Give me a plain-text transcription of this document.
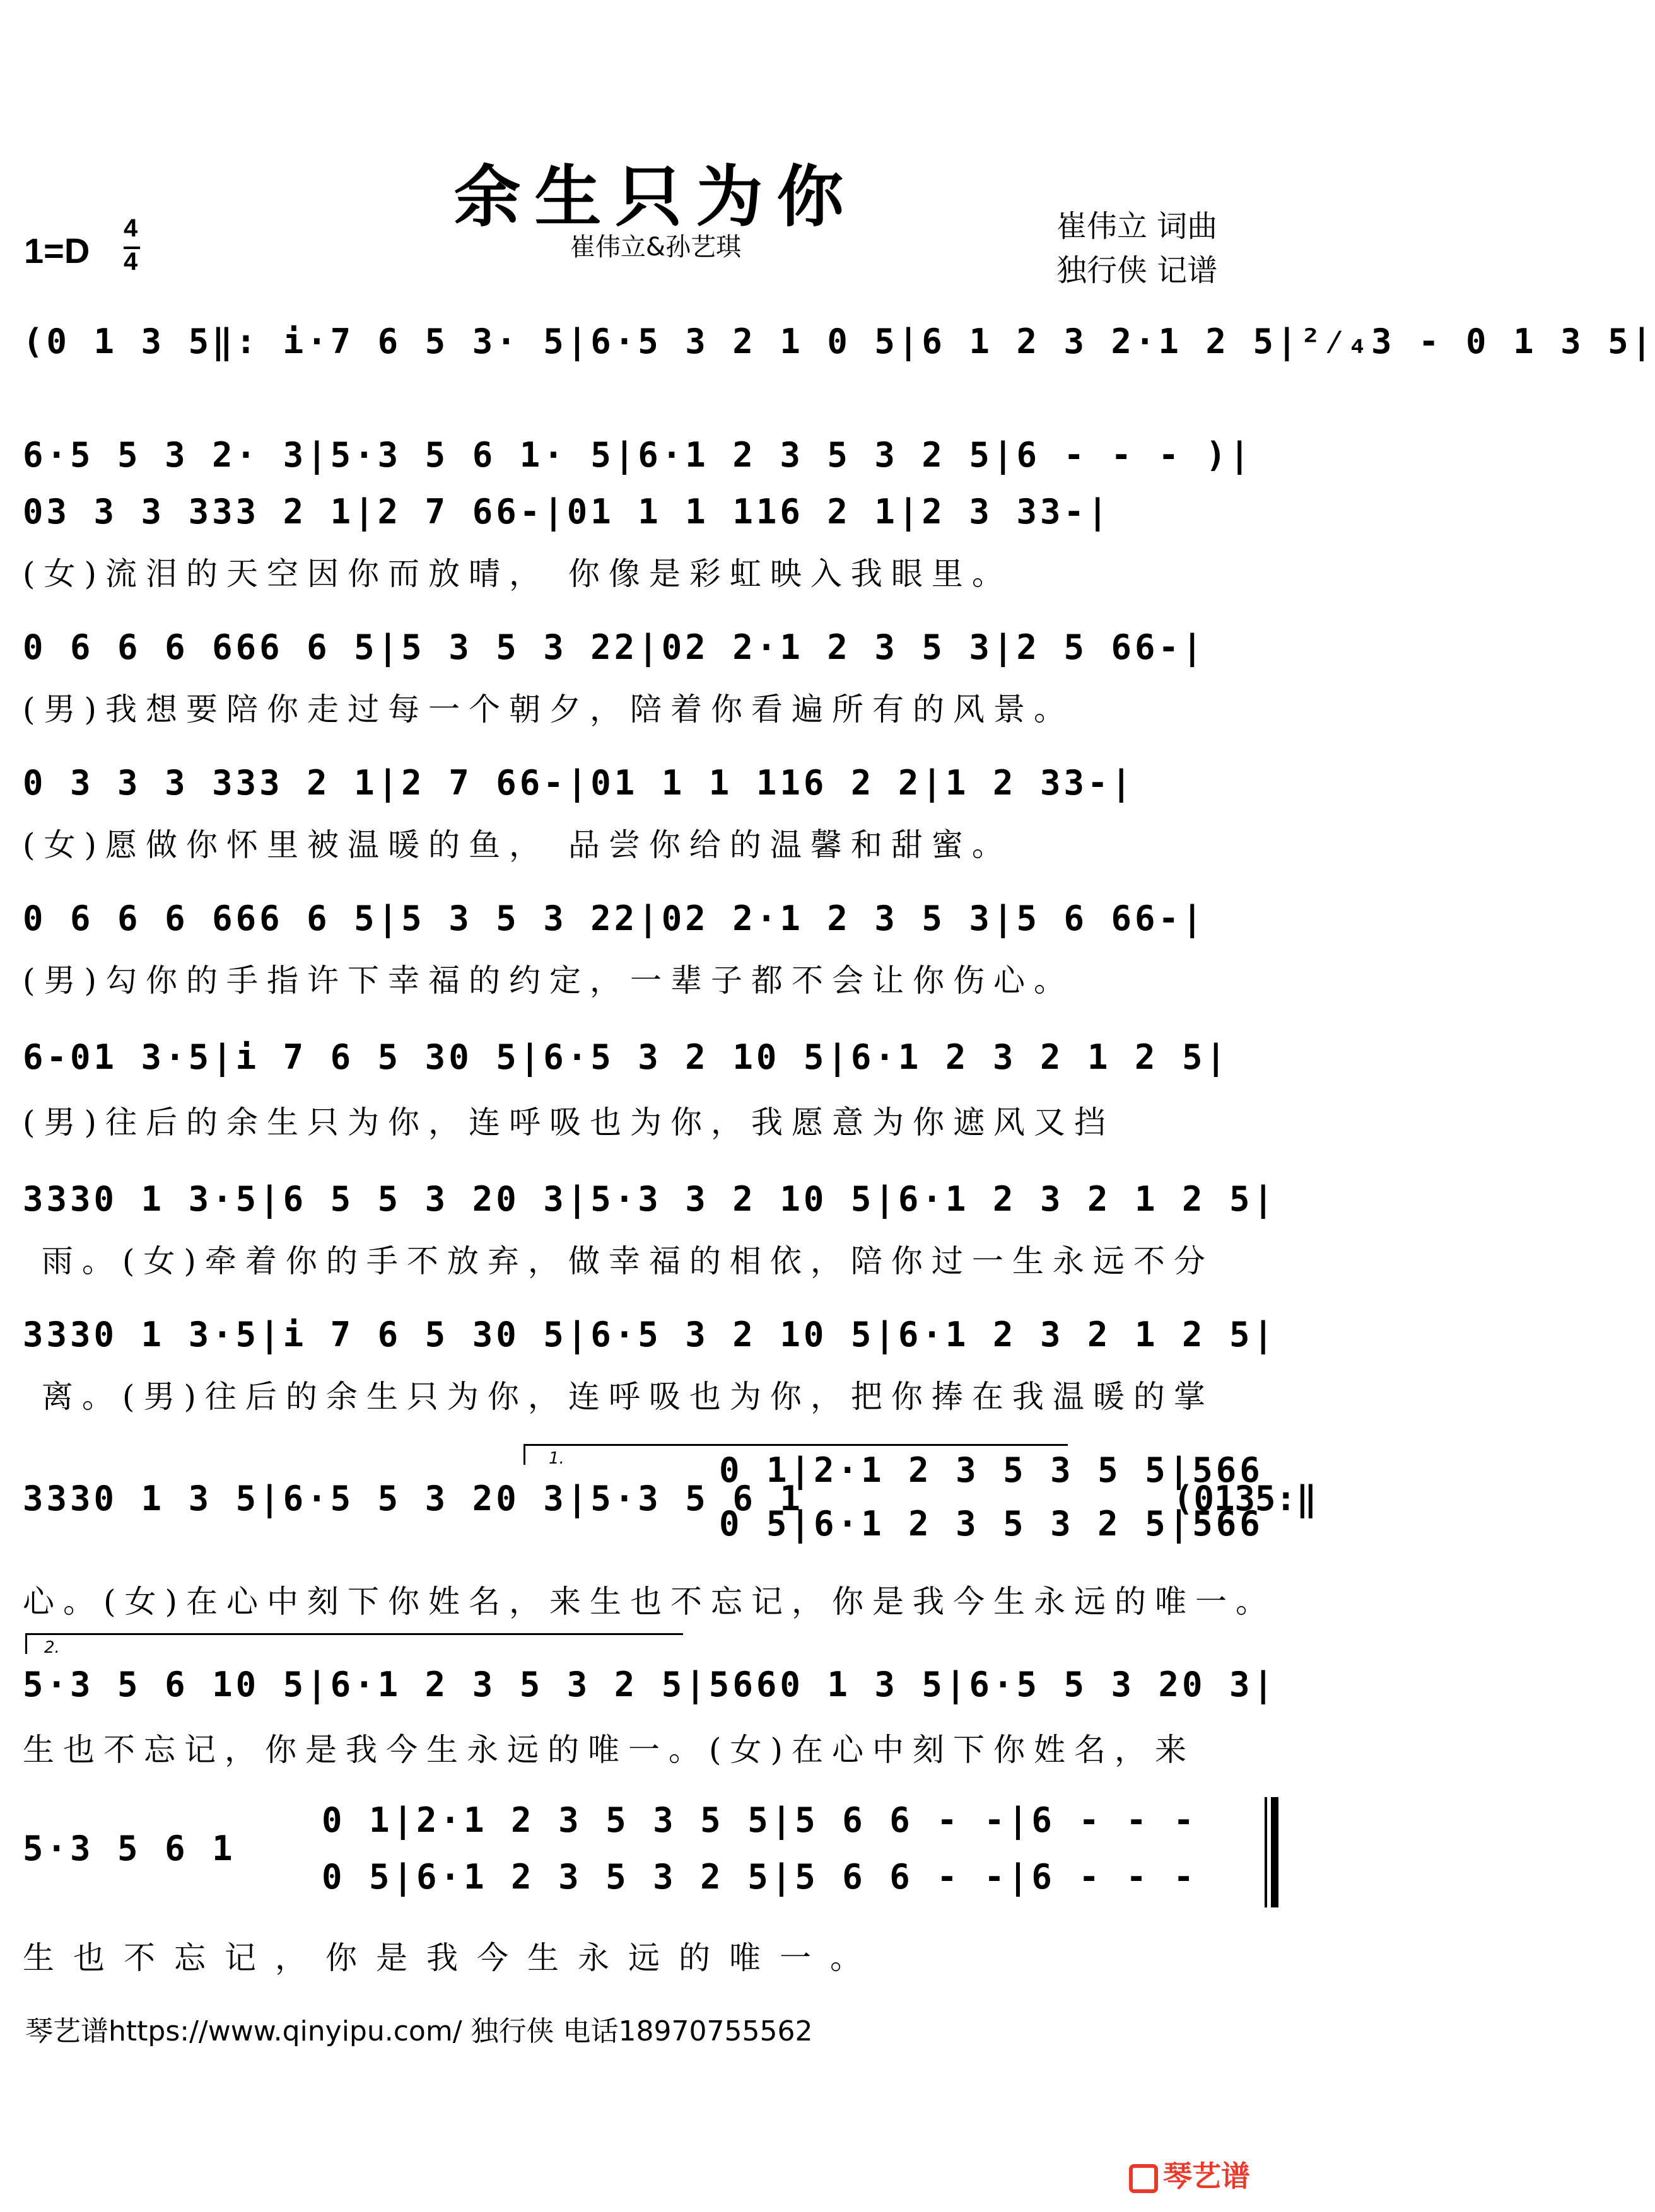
余生只为你
崔伟立&孙艺琪
1=D
4
4
崔伟立 词曲
独行侠 记谱
(0 1 3 5‖: i·7 6 5 3· 5|6·5 3 2 1 0 5|6 1 2 3 2·1 2 5|²⁄₄3 - 0 1 3 5|
6·5 5 3 2· 3|5·3 5 6 1· 5|6·1 2 3 5 3 2 5|6 - - - )|
03 3 3 333 2 1|2 7 66-|01 1 1 116 2 1|2 3 33-|
(女)流泪的天空因你而放晴， 你像是彩虹映入我眼里。
0 6 6 6 666 6 5|5 3 5 3 22|02 2·1 2 3 5 3|2 5 66-|
(男)我想要陪你走过每一个朝夕，陪着你看遍所有的风景。
0 3 3 3 333 2 1|2 7 66-|01 1 1 116 2 2|1 2 33-|
(女)愿做你怀里被温暖的鱼， 品尝你给的温馨和甜蜜。
0 6 6 6 666 6 5|5 3 5 3 22|02 2·1 2 3 5 3|5 6 66-|
(男)勾你的手指许下幸福的约定，一辈子都不会让你伤心。
6-01 3·5|i 7 6 5 30 5|6·5 3 2 10 5|6·1 2 3 2 1 2 5|
(男)往后的余生只为你，连呼吸也为你，我愿意为你遮风又挡
3330 1 3·5|6 5 5 3 20 3|5·3 3 2 10 5|6·1 2 3 2 1 2 5|
雨。(女)牵着你的手不放弃，做幸福的相依，陪你过一生永远不分
3330 1 3·5|i 7 6 5 30 5|6·5 3 2 10 5|6·1 2 3 2 1 2 5|
离。(男)往后的余生只为你，连呼吸也为你，把你捧在我温暖的掌
1.
3330 1 3 5|6·5 5 3 20 3|5·3 5 6 1
0 1|2·1 2 3 5 3 5 5|566
0 5|6·1 2 3 5 3 2 5|566
(0135:‖
心。(女)在心中刻下你姓名，来生也不忘记，你是我今生永远的唯一。
2.
5·3 5 6 10 5|6·1 2 3 5 3 2 5|5660 1 3 5|6·5 5 3 20 3|
生也不忘记，你是我今生永远的唯一。(女)在心中刻下你姓名，来
5·3 5 6 1
0 1|2·1 2 3 5 3 5 5|5 6 6 - -|6 - - -
0 5|6·1 2 3 5 3 2 5|5 6 6 - -|6 - - -
生也不忘记，你是我今生永远的唯一。
琴艺谱https://www.qinyipu.com/ 独行侠 电话18970755562
琴艺谱
